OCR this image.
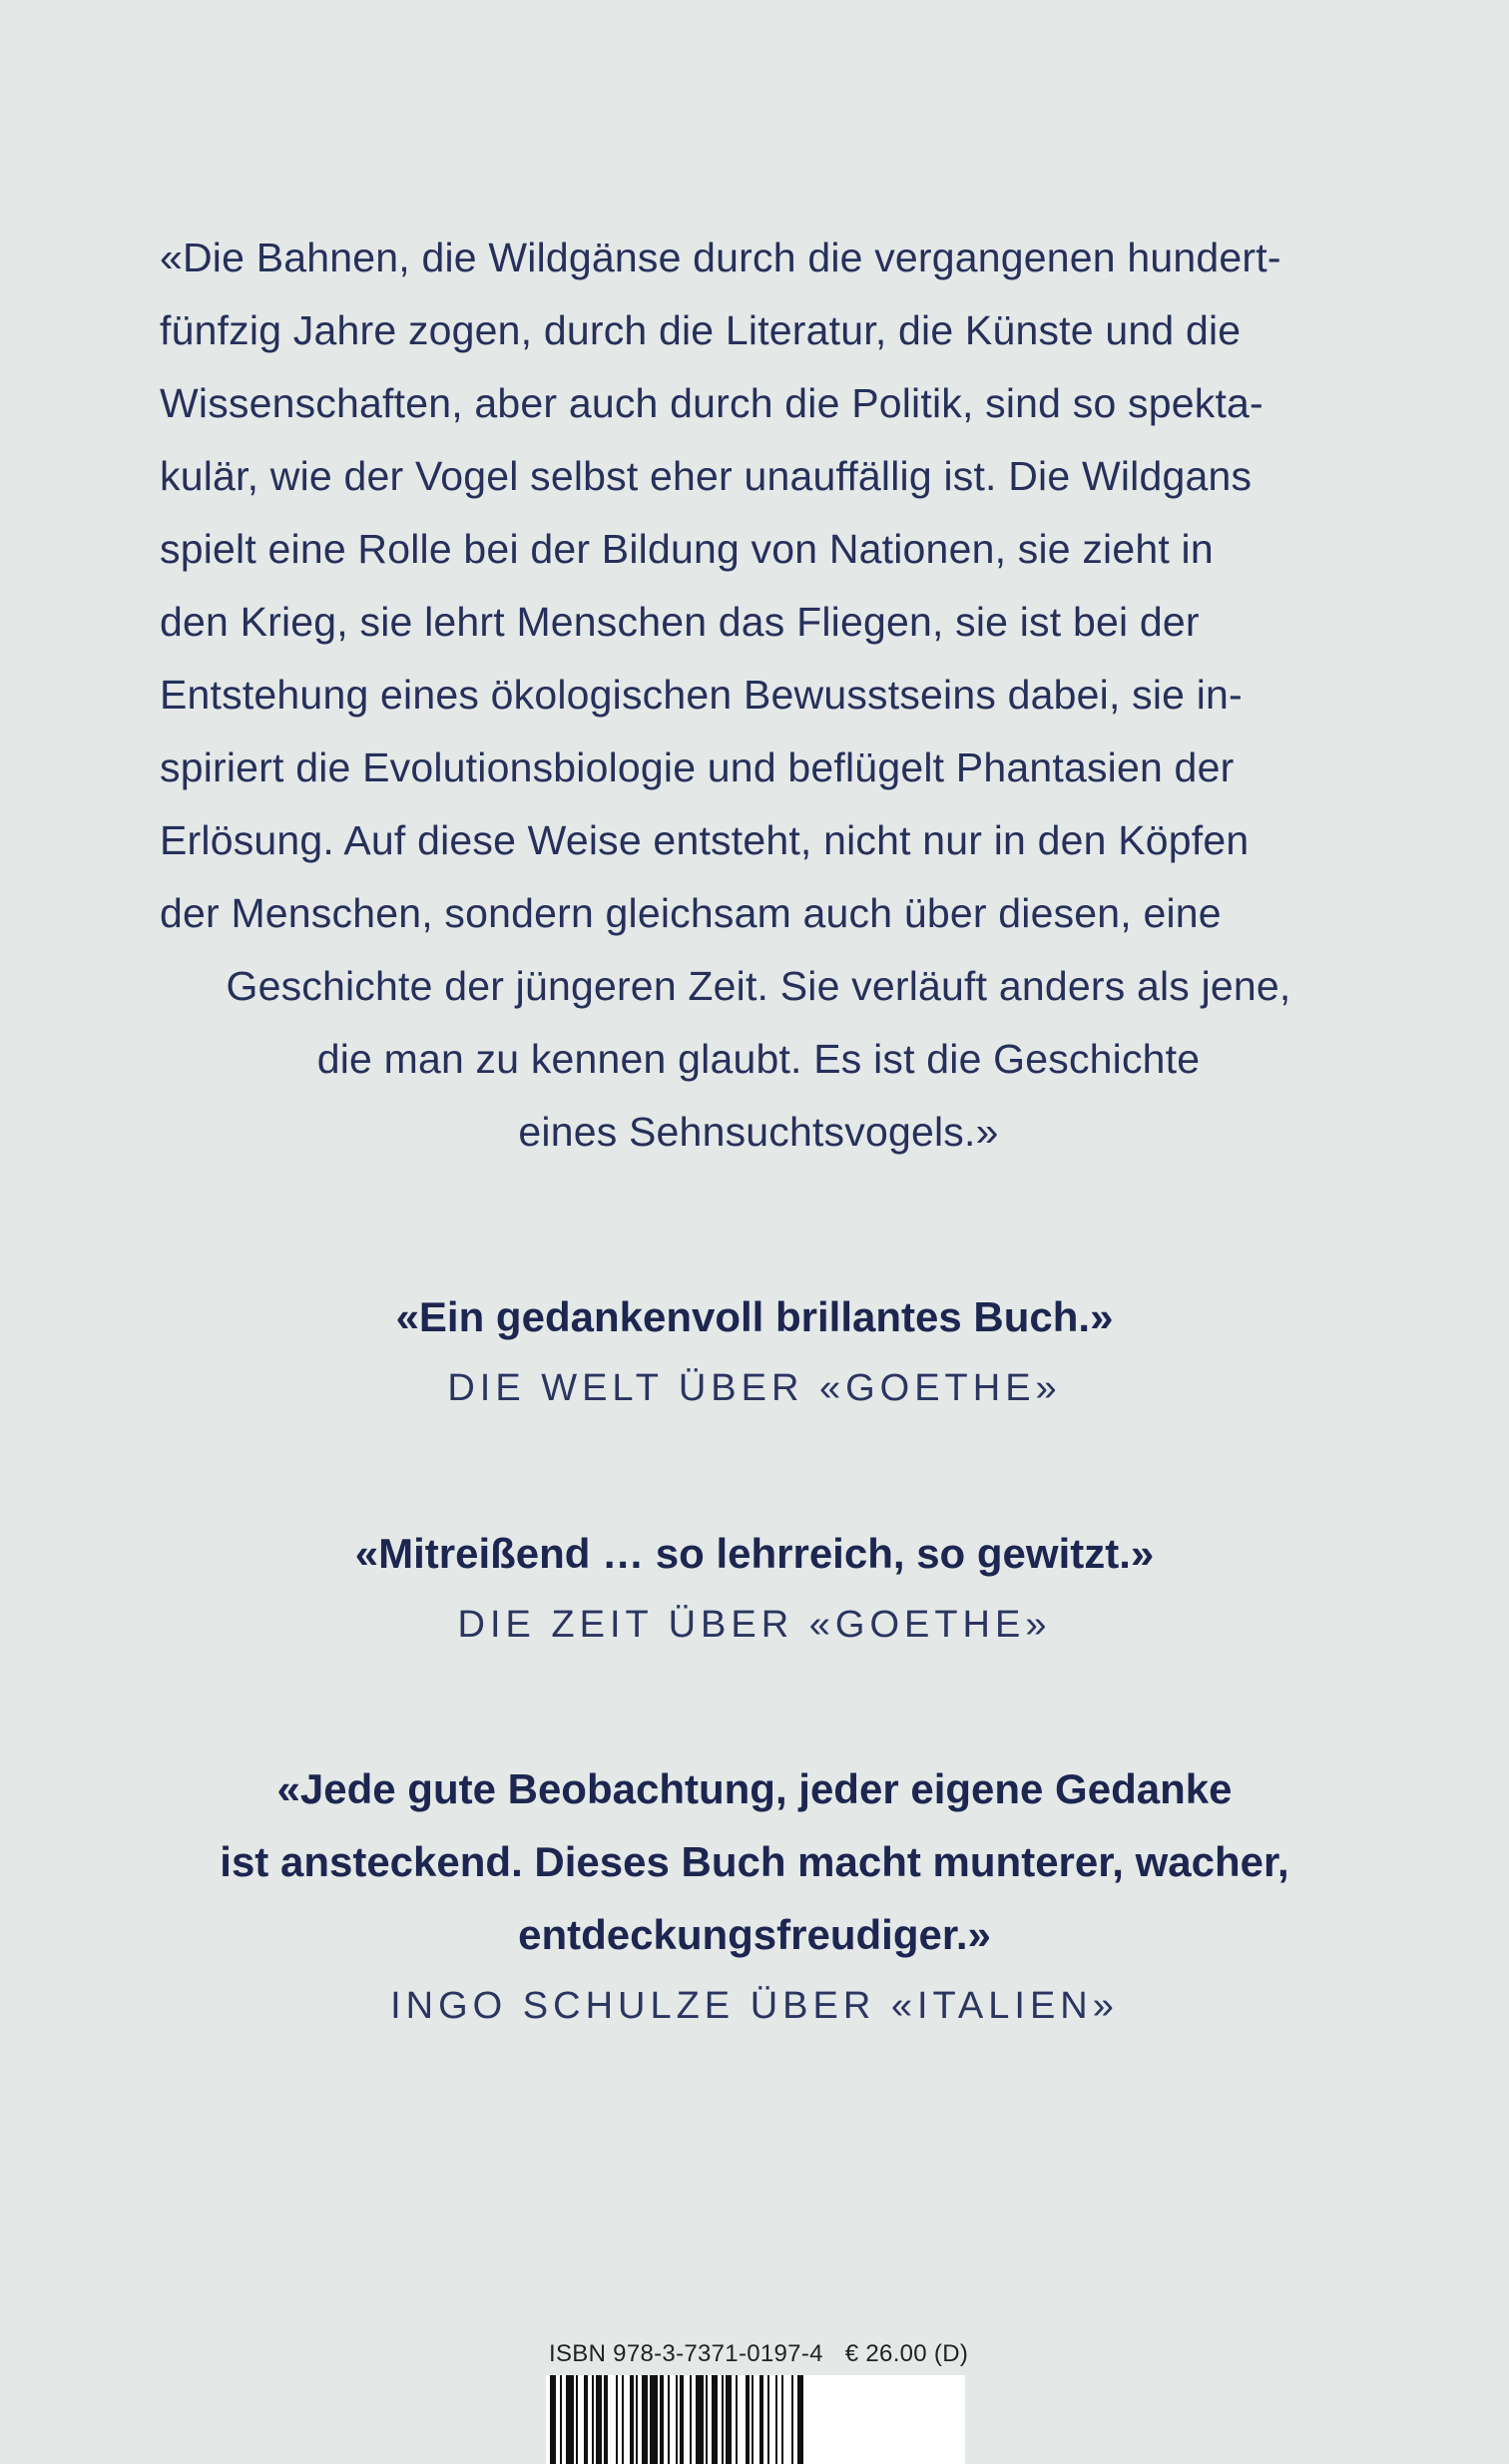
«Die Bahnen, die Wildgänse durch die vergangenen hundert-
fünfzig Jahre zogen, durch die Literatur, die Künste und die
Wissenschaften, aber auch durch die Politik, sind so spekta-
kulär, wie der Vogel selbst eher unauffällig ist. Die Wildgans
spielt eine Rolle bei der Bildung von Nationen, sie zieht in
den Krieg, sie lehrt Menschen das Fliegen, sie ist bei der
Entstehung eines ökologischen Bewusstseins dabei, sie in-
spiriert die Evolutionsbiologie und beflügelt Phantasien der
Erlösung. Auf diese Weise entsteht, nicht nur in den Köpfen
der Menschen, sondern gleichsam auch über diesen, eine
Geschichte der jüngeren Zeit. Sie verläuft anders als jene,
die man zu kennen glaubt. Es ist die Geschichte
eines Sehnsuchtsvogels.»
«Ein gedankenvoll brillantes Buch.»
DIE WELT ÜBER «GOETHE»
«Mitreißend … so lehrreich, so gewitzt.»
DIE ZEIT ÜBER «GOETHE»
«Jede gute Beobachtung, jeder eigene Gedanke
ist ansteckend. Dieses Buch macht munterer, wacher,
entdeckungsfreudiger.»
INGO SCHULZE ÜBER «ITALIEN»
ISBN 978-3-7371-0197-4 € 26.00 (D)
